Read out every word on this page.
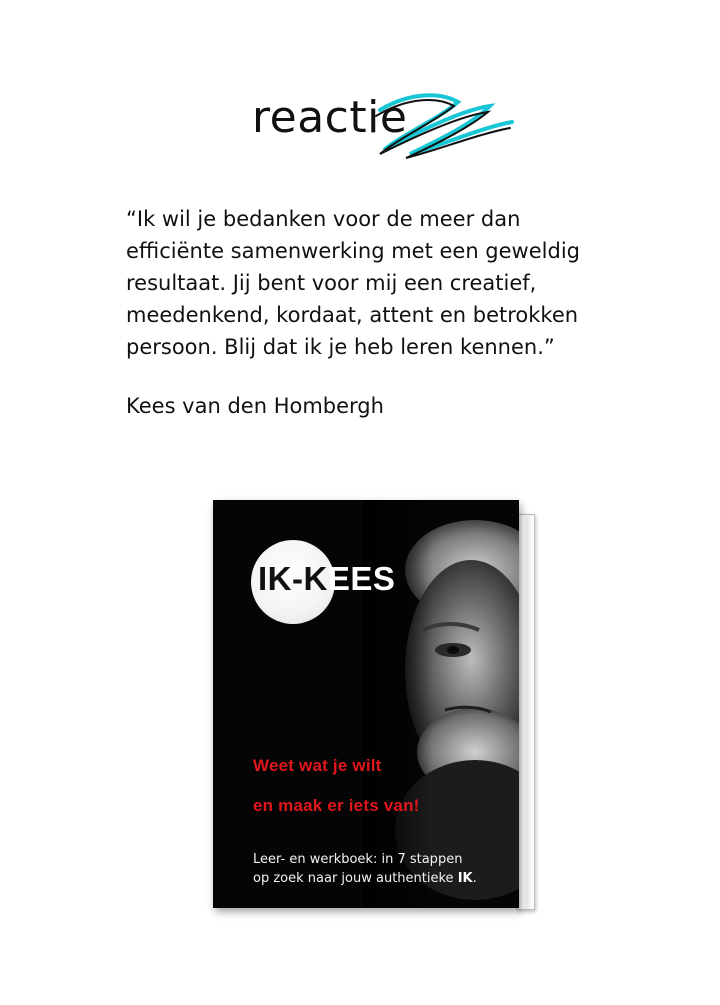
reactie
“Ik wil je bedanken voor de meer dan
efficiënte samenwerking met een geweldig
resultaat. Jij bent voor mij een creatief,
meedenkend, kordaat, attent en betrokken
persoon. Blij dat ik je heb leren kennen.”
Kees van den Hombergh
IK-KEES
Weet wat je wilt
en maak er iets van!
Leer- en werkboek: in 7 stappen
op zoek naar jouw authentieke IK.
